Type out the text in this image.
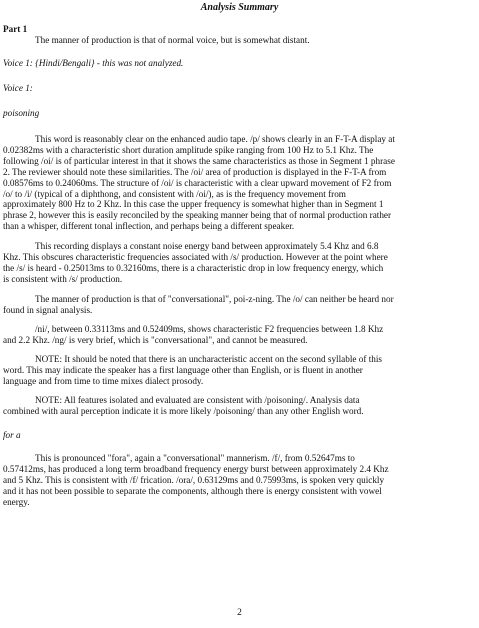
Analysis Summary
Part 1
The manner of production is that of normal voice, but is somewhat distant.
Voice 1: {Hindi/Bengali} - this was not analyzed.
Voice 1:
poisoning
This word is reasonably clear on the enhanced audio tape. /p/ shows clearly in an F-T-A display at
0.02382ms with a characteristic short duration amplitude spike ranging from 100 Hz to 5.1 Khz. The
following /oi/ is of particular interest in that it shows the same characteristics as those in Segment 1 phrase
2. The reviewer should note these similarities. The /oi/ area of production is displayed in the F-T-A from
0.08576ms to 0.24060ms. The structure of /oi/ is characteristic with a clear upward movement of F2 from
/o/ to /i/ (typical of a diphthong, and consistent with /oi/), as is the frequency movement from
approximately 800 Hz to 2 Khz. In this case the upper frequency is somewhat higher than in Segment 1
phrase 2, however this is easily reconciled by the speaking manner being that of normal production rather
than a whisper, different tonal inflection, and perhaps being a different speaker.
This recording displays a constant noise energy band between approximately 5.4 Khz and 6.8
Khz. This obscures characteristic frequencies associated with /s/ production. However at the point where
the /s/ is heard - 0.25013ms to 0.32160ms, there is a characteristic drop in low frequency energy, which
is consistent with /s/ production.
The manner of production is that of "conversational", poi-z-ning. The /o/ can neither be heard nor
found in signal analysis.
/ni/, between 0.33113ms and 0.52409ms, shows characteristic F2 frequencies between 1.8 Khz
and 2.2 Khz. /ng/ is very brief, which is "conversational", and cannot be measured.
NOTE: It should be noted that there is an uncharacteristic accent on the second syllable of this
word. This may indicate the speaker has a first language other than English, or is fluent in another
language and from time to time mixes dialect prosody.
NOTE: All features isolated and evaluated are consistent with /poisoning/. Analysis data
combined with aural perception indicate it is more likely /poisoning/ than any other English word.
for a
This is pronounced "fora", again a "conversational" mannerism. /f/, from 0.52647ms to
0.57412ms, has produced a long term broadband frequency energy burst between approximately 2.4 Khz
and 5 Khz. This is consistent with /f/ frication. /ora/, 0.63129ms and 0.75993ms, is spoken very quickly
and it has not been possible to separate the components, although there is energy consistent with vowel
energy.
2
